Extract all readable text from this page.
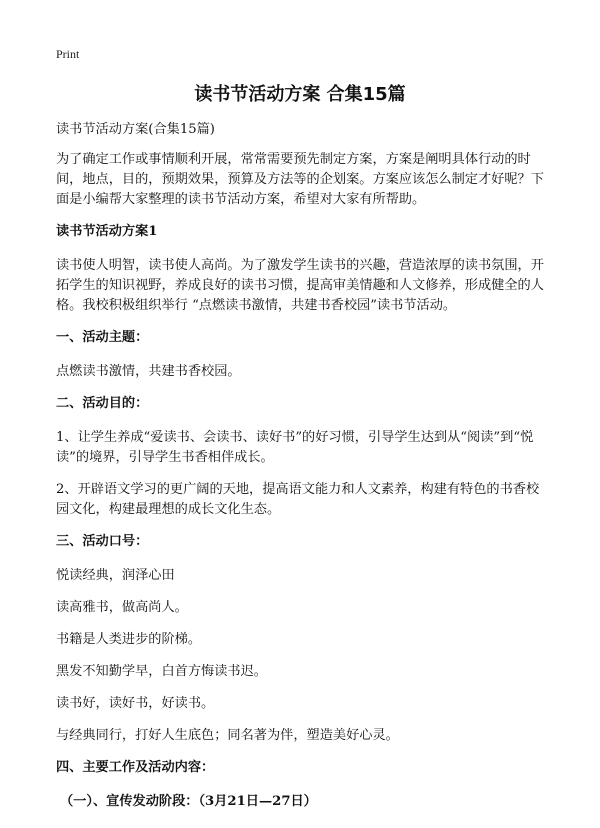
Print
读书节活动方案 合集15篇

读书节活动方案(合集15篇)

为了确定工作或事情顺利开展，常常需要预先制定方案，方案是阐明具体行动的时间，地点，目的，预期效果，预算及方法等的企划案。方案应该怎么制定才好呢？下面是小编帮大家整理的读书节活动方案，希望对大家有所帮助。

读书节活动方案1

读书使人明智，读书使人高尚。为了激发学生读书的兴趣，营造浓厚的读书氛围，开拓学生的知识视野，养成良好的读书习惯，提高审美情趣和人文修养，形成健全的人格。我校积极组织举行 “点燃读书激情，共建书香校园”读书节活动。

一、活动主题：

点燃读书激情，共建书香校园。

二、活动目的：

1、让学生养成“爱读书、会读书、读好书”的好习惯，引导学生达到从“阅读”到“悦读”的境界，引导学生书香相伴成长。

2、开辟语文学习的更广阔的天地，提高语文能力和人文素养，构建有特色的书香校园文化，构建最理想的成长文化生态。

三、活动口号：

悦读经典，润泽心田

读高雅书，做高尚人。

书籍是人类进步的阶梯。

黑发不知勤学早，白首方悔读书迟。

读书好，读好书，好读书。

与经典同行，打好人生底色；同名著为伴，塑造美好心灵。

四、主要工作及活动内容：

（一）、宣传发动阶段：（3月21日—27日）
